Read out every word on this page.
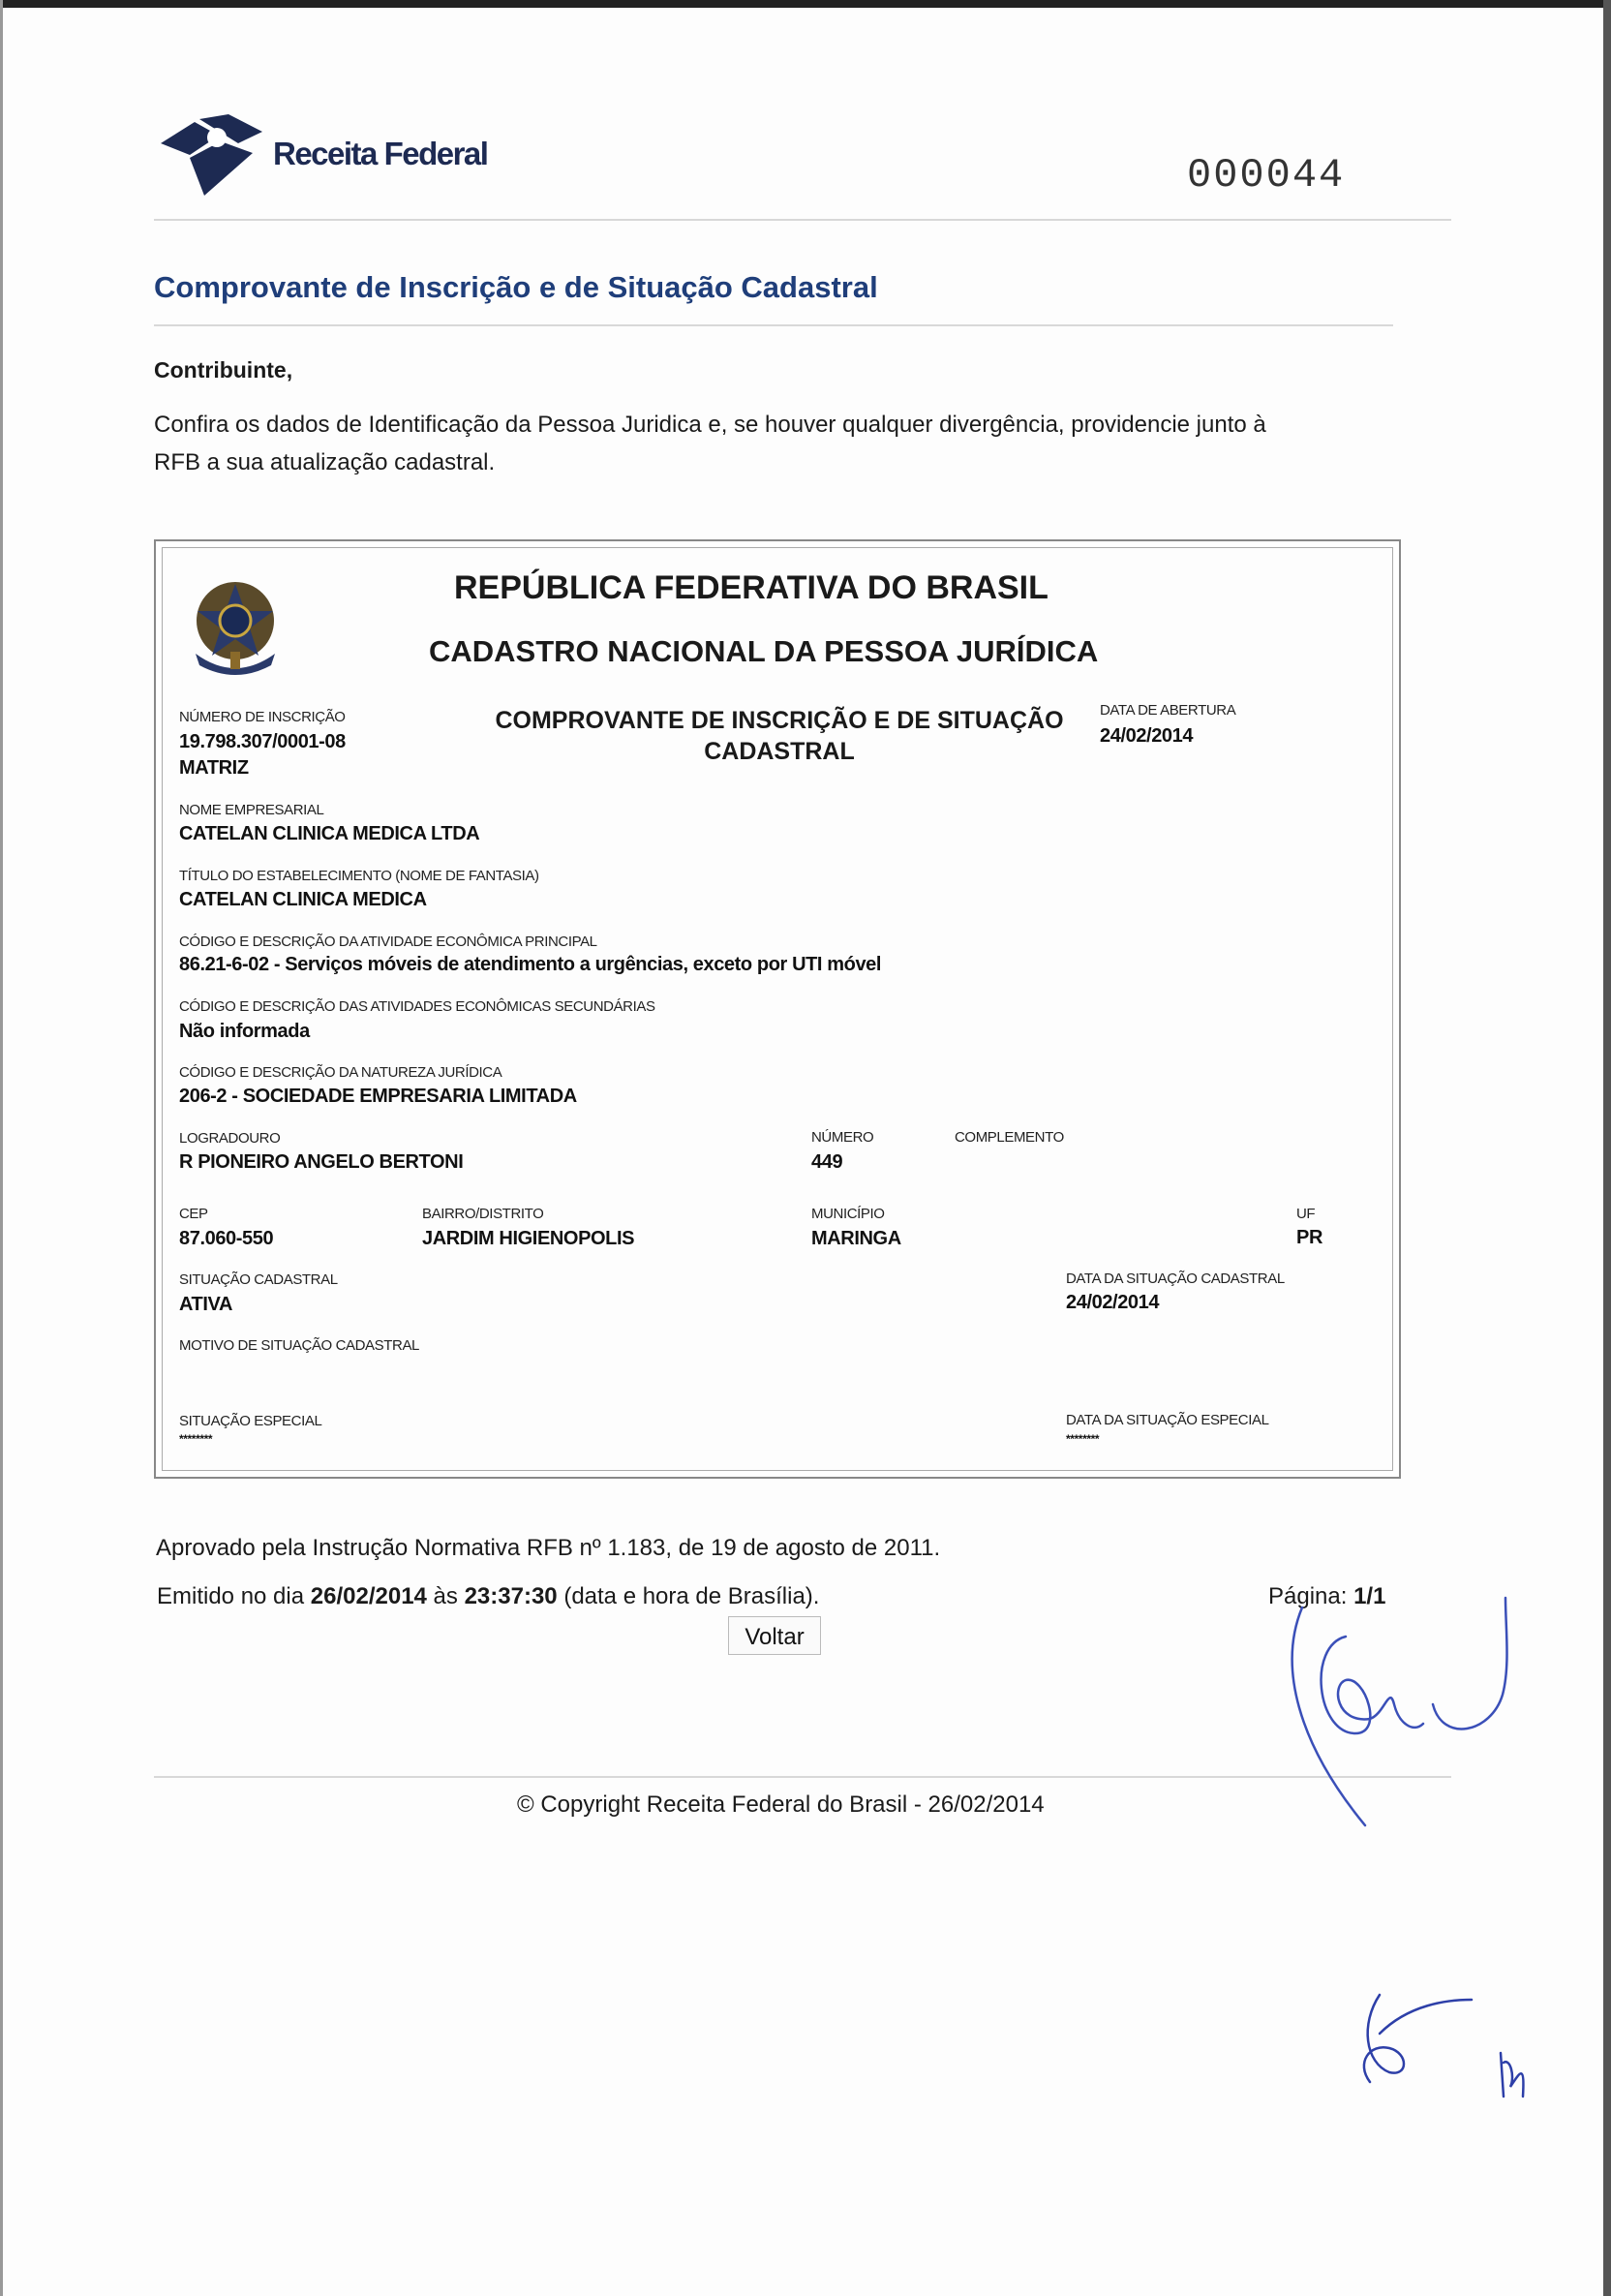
Receita Federal	000044
Comprovante de Inscrição e de Situação Cadastral
Contribuinte,
Confira os dados de Identificação da Pessoa Juridica e, se houver qualquer divergência, providencie junto à
RFB a sua atualização cadastral.
REPÚBLICA FEDERATIVA DO BRASIL
CADASTRO NACIONAL DA PESSOA JURÍDICA
COMPROVANTE DE INSCRIÇÃO E DE SITUAÇÃO
CADASTRAL
NÚMERO DE INSCRIÇÃO
19.798.307/0001-08
MATRIZ
DATA DE ABERTURA
24/02/2014
NOME EMPRESARIAL
CATELAN CLINICA MEDICA LTDA
TÍTULO DO ESTABELECIMENTO (NOME DE FANTASIA)
CATELAN CLINICA MEDICA
CÓDIGO E DESCRIÇÃO DA ATIVIDADE ECONÔMICA PRINCIPAL
86.21-6-02 - Serviços móveis de atendimento a urgências, exceto por UTI móvel
CÓDIGO E DESCRIÇÃO DAS ATIVIDADES ECONÔMICAS SECUNDÁRIAS
Não informada
CÓDIGO E DESCRIÇÃO DA NATUREZA JURÍDICA
206-2 - SOCIEDADE EMPRESARIA LIMITADA
LOGRADOURO
R PIONEIRO ANGELO BERTONI
NÚMERO
449
COMPLEMENTO
CEP
87.060-550
BAIRRO/DISTRITO
JARDIM HIGIENOPOLIS
MUNICÍPIO
MARINGA
UF
PR
SITUAÇÃO CADASTRAL
ATIVA
DATA DA SITUAÇÃO CADASTRAL
24/02/2014
MOTIVO DE SITUAÇÃO CADASTRAL
SITUAÇÃO ESPECIAL
********
DATA DA SITUAÇÃO ESPECIAL
********
Aprovado pela Instrução Normativa RFB nº 1.183, de 19 de agosto de 2011.
Emitido no dia 26/02/2014 às 23:37:30 (data e hora de Brasília).	Página: 1/1
Voltar
© Copyright Receita Federal do Brasil - 26/02/2014
